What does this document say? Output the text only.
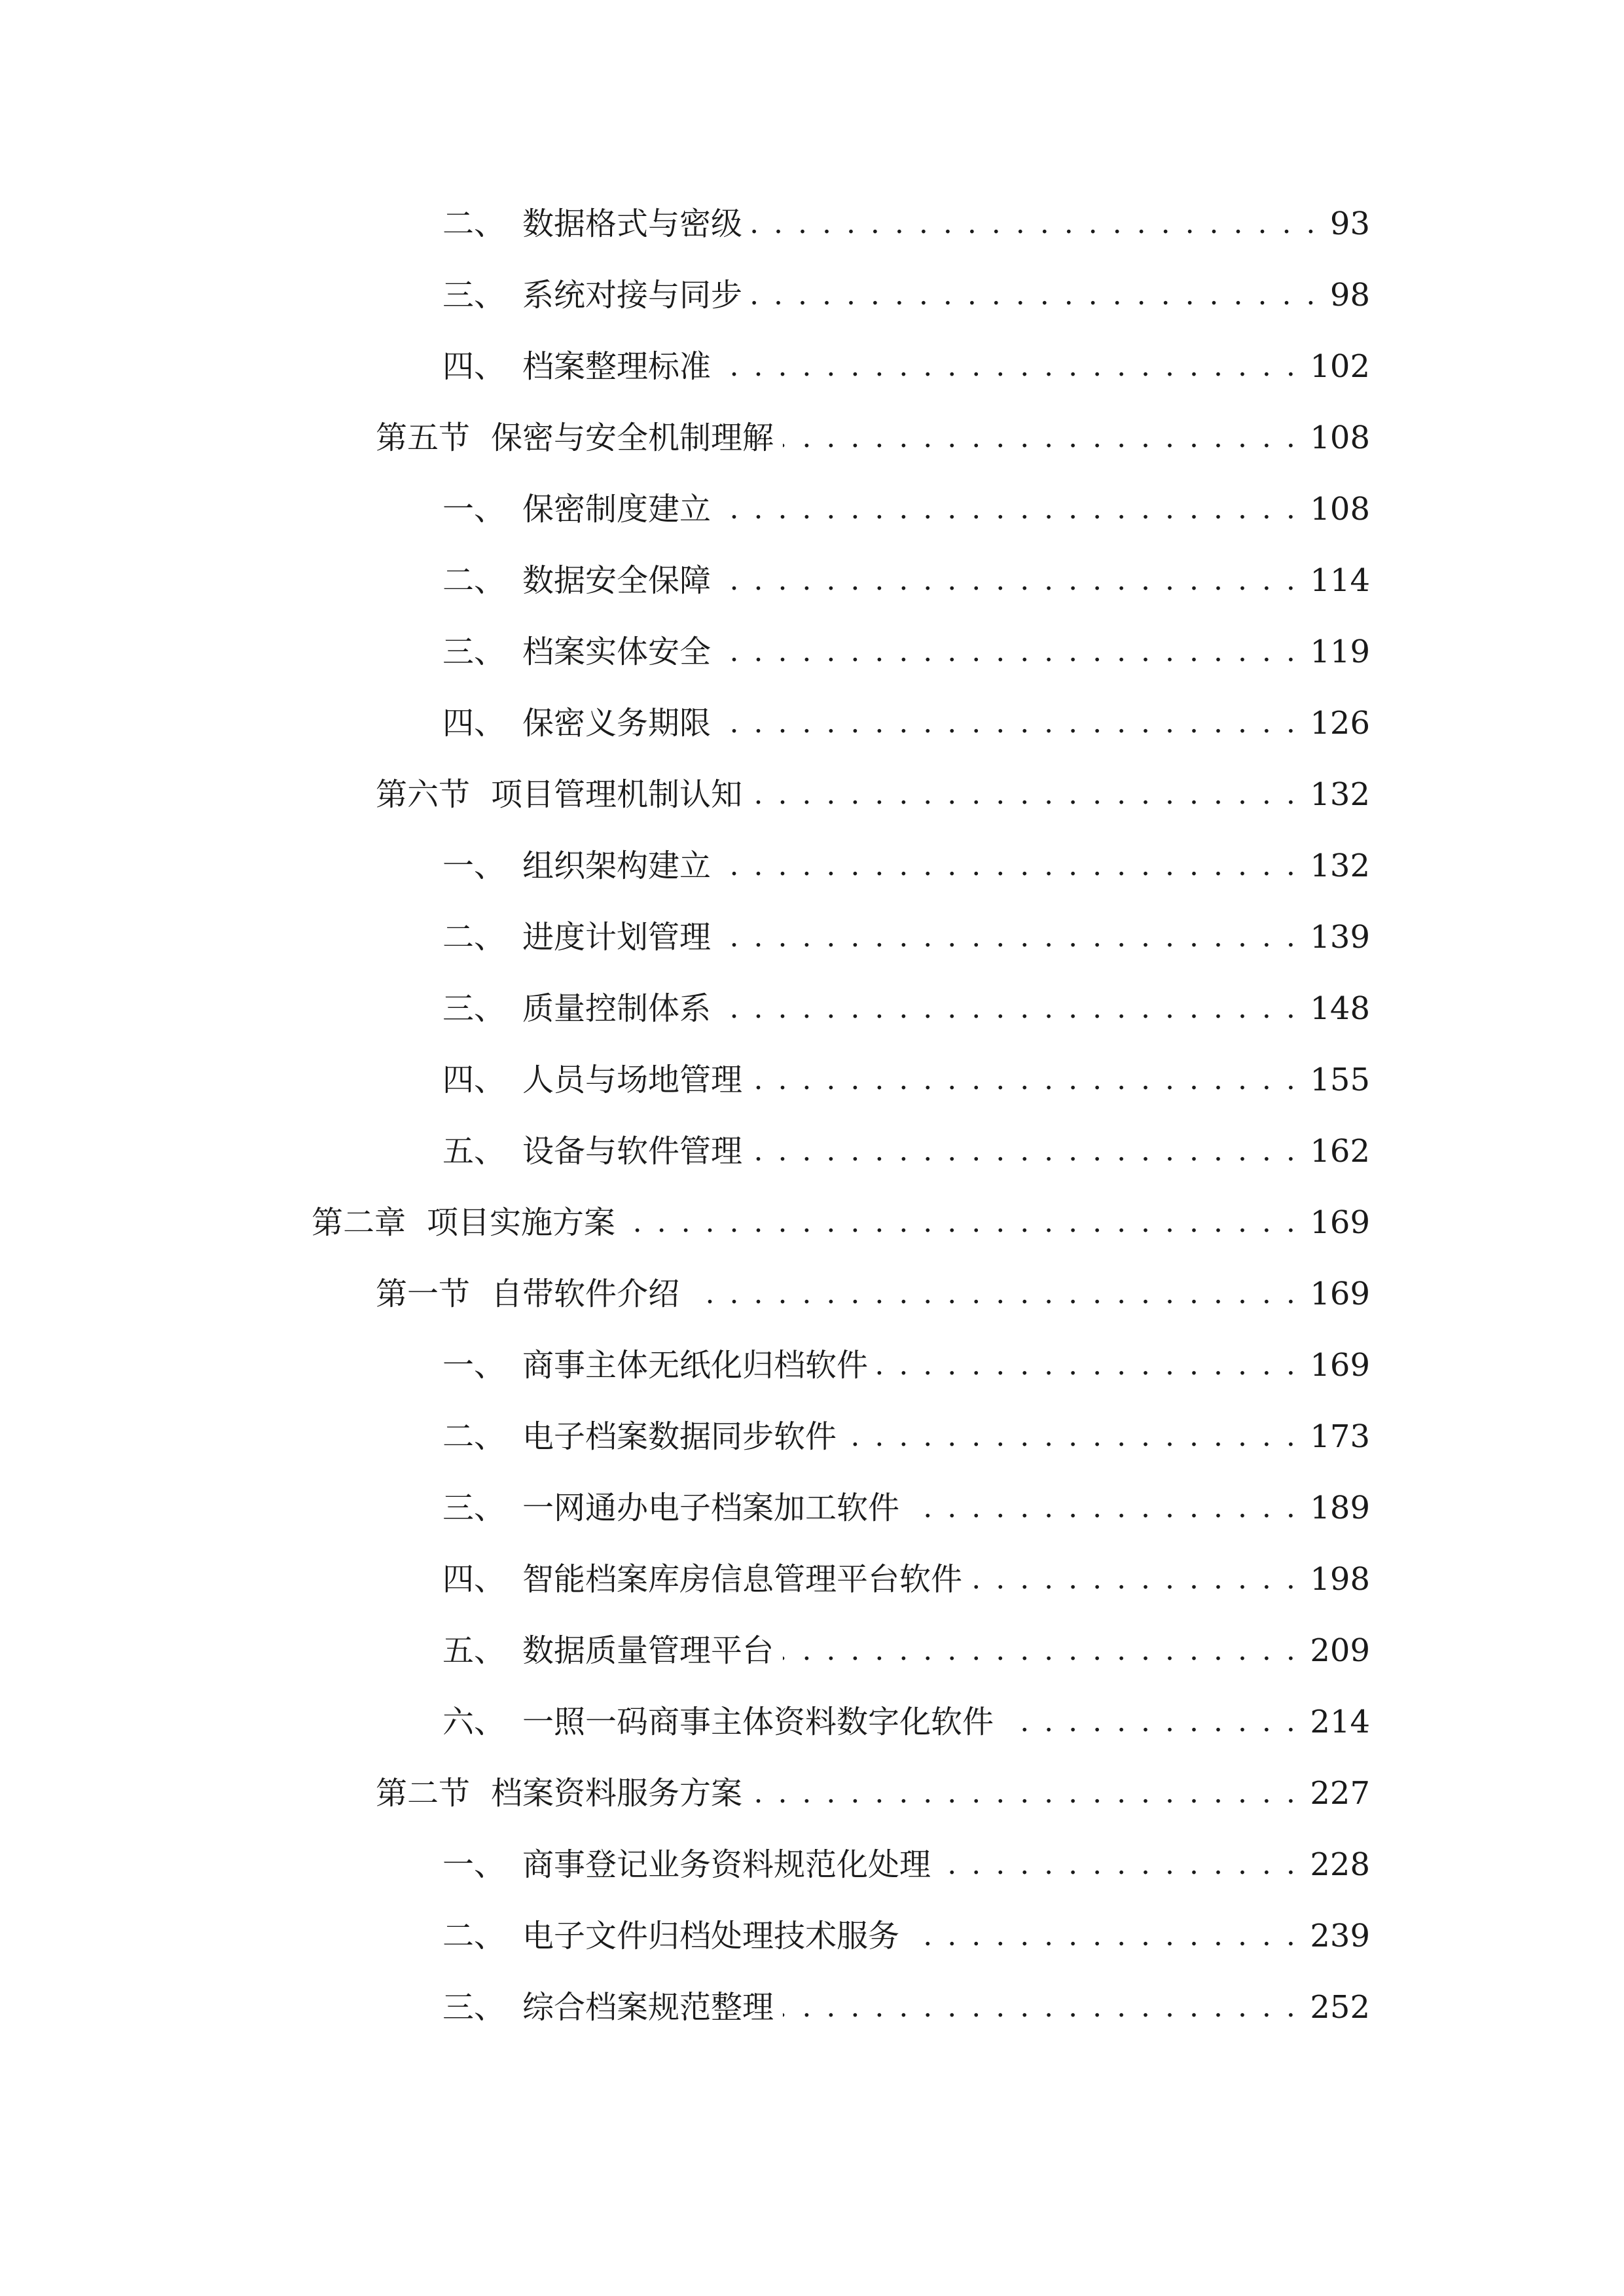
二、 数据格式与密级 . . .	93
三、 系统对接与同步 . . .	98
四、 档案整理标准 . . .	102
第五节 保密与安全机制理解 . . .	108
一、 保密制度建立 . . .	108
二、 数据安全保障 . . .	114
三、 档案实体安全 . . .	119
四、 保密义务期限 . . .	126
第六节 项目管理机制认知 . . .	132
一、 组织架构建立 . . .	132
二、 进度计划管理 . . .	139
三、 质量控制体系 . . .	148
四、 人员与场地管理 . . .	155
五、 设备与软件管理 . . .	162
第二章 项目实施方案 . . .	169
第一节 自带软件介绍 . . .	169
一、 商事主体无纸化归档软件 . . .	169
二、 电子档案数据同步软件 . . .	173
三、 一网通办电子档案加工软件 . . .	189
四、 智能档案库房信息管理平台软件 . . .	198
五、 数据质量管理平台 . . .	209
六、 一照一码商事主体资料数字化软件 . . .	214
第二节 档案资料服务方案 . . .	227
一、 商事登记业务资料规范化处理 . . .	228
二、 电子文件归档处理技术服务 . . .	239
三、 综合档案规范整理 . . .	252
